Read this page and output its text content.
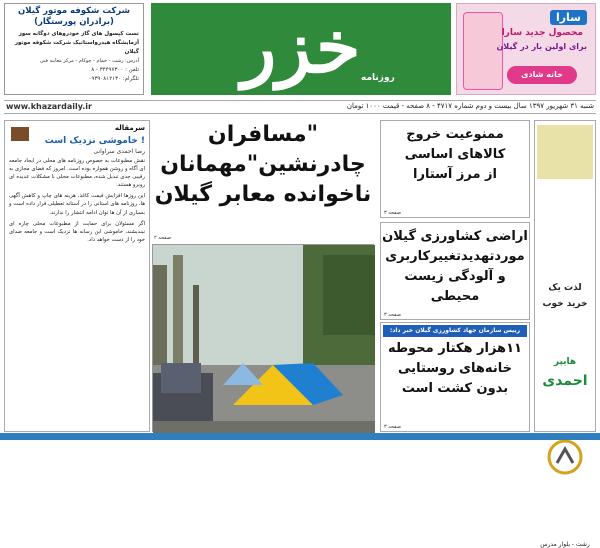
شرکت شکوفه موتور گیلان
(برادران پورستگار)
تست کپسول های گاز خودروهای دوگانه سوز
آزمایشگاه هیدرواستاتیک شرکت شکوفه موتور گیلان
آدرس: رشت - خمام - چوکام - مرکز معاینه فنی
تلفن : ۳۴۴۹۷۳۰۰ - ۸
تلگرام: ۰۹۳۹۰۸۱۲۱۳۰	خزر روزنامه
سارا
محصول جدید سارا
برای اولین بار در گیلان
خانه شادی
www.khazardaily.ir	شنبه ۳۱ شهریور ۱۳۹۷ سال بیست و دوم شماره ۴۷۱۷ - ۸ صفحه - قیمت ۱۰۰۰ تومان
سرمقاله
خاموشی نزدیک است !
رضا احمدی سراوانی
نقش مطبوعات به خصوص روزنامه های محلی در ایجاد جامعه ای آگاه و روشن همواره بوده است. امروز که فضای مجازی به رقیبی جدی تبدیل شده، مطبوعات محلی با مشکلات عدیده ای روبرو هستند.
این روزها افزایش قیمت کاغذ، هزینه های چاپ و کاهش آگهی ها، روزنامه های استانی را در آستانه تعطیلی قرار داده است و بسیاری از آن ها توان ادامه انتشار را ندارند.
اگر مسئولان برای حمایت از مطبوعات محلی چاره ای نیندیشند، خاموشی این رسانه ها نزدیک است و جامعه صدای خود را از دست خواهد داد.
"مسافران
چادرنشین"مهمانان
ناخوانده معابر گیلان
صفحه ۲
ممنوعیت خروج
کالاهای اساسی
از مرز آستارا
صفحه ۳
اراضی کشاورزی گیلان
موردتهدیدتغییرکاربری
و آلودگی زیست محیطی
صفحه ۳
رییس سازمان جهاد کشاورزی گیلان خبر داد:
۱۱هزار هکتار محوطه
خانه‌های روستایی
بدون کشت است
صفحه ۳
لذت یک
خرید خوب
هایپر
احمدی
رشت - بلوار مدرس
